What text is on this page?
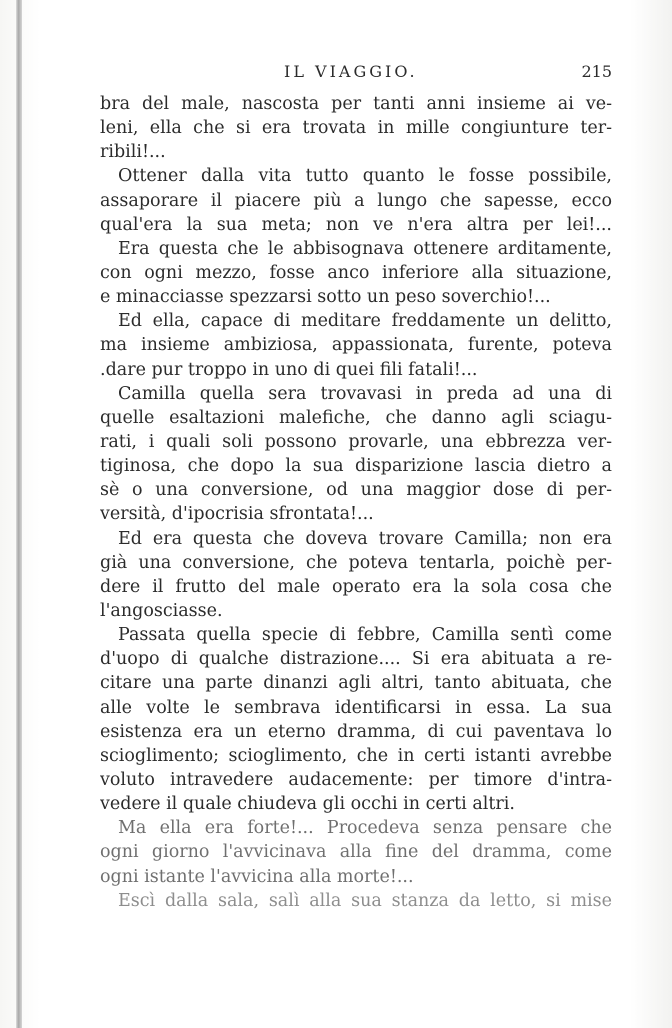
IL VIAGGIO.	215
bra del male, nascosta per tanti anni insieme ai ve-
leni, ella che si era trovata in mille congiunture ter-
ribili!...
Ottener dalla vita tutto quanto le fosse possibile,
assaporare il piacere più a lungo che sapesse, ecco
qual'era la sua meta; non ve n'era altra per lei!...
Era questa che le abbisognava ottenere arditamente,
con ogni mezzo, fosse anco inferiore alla situazione,
e minacciasse spezzarsi sotto un peso soverchio!...
Ed ella, capace di meditare freddamente un delitto,
ma insieme ambiziosa, appassionata, furente, poteva
.dare pur troppo in uno di quei fili fatali!...
Camilla quella sera trovavasi in preda ad una di
quelle esaltazioni malefiche, che danno agli sciagu-
rati, i quali soli possono provarle, una ebbrezza ver-
tiginosa, che dopo la sua disparizione lascia dietro a
sè o una conversione, od una maggior dose di per-
versità, d'ipocrisia sfrontata!...
Ed era questa che doveva trovare Camilla; non era
già una conversione, che poteva tentarla, poichè per-
dere il frutto del male operato era la sola cosa che
l'angosciasse.
Passata quella specie di febbre, Camilla sentì come
d'uopo di qualche distrazione.... Si era abituata a re-
citare una parte dinanzi agli altri, tanto abituata, che
alle volte le sembrava identificarsi in essa. La sua
esistenza era un eterno dramma, di cui paventava lo
scioglimento; scioglimento, che in certi istanti avrebbe
voluto intravedere audacemente: per timore d'intra-
vedere il quale chiudeva gli occhi in certi altri.
Ma ella era forte!... Procedeva senza pensare che
ogni giorno l'avvicinava alla fine del dramma, come
ogni istante l'avvicina alla morte!...
Escì dalla sala, salì alla sua stanza da letto, si mise
